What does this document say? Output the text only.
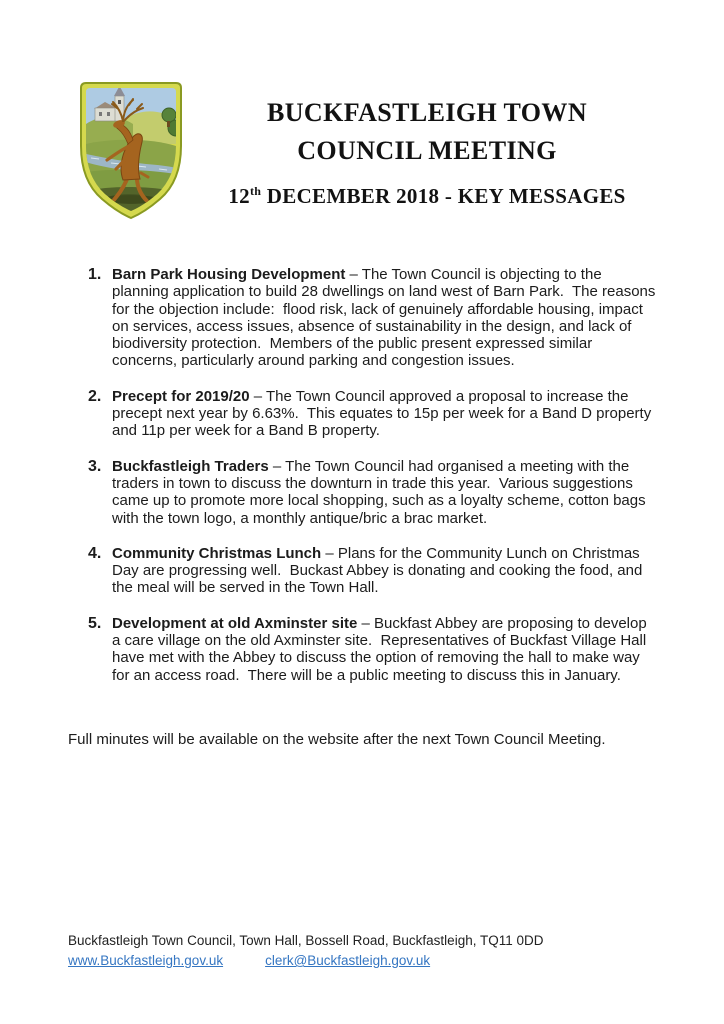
BUCKFASTLEIGH TOWN
COUNCIL MEETING
12th DECEMBER 2018 - KEY MESSAGES
1. Barn Park Housing Development – The Town Council is objecting to the planning application to build 28 dwellings on land west of Barn Park.  The reasons for the objection include:  flood risk, lack of genuinely affordable housing, impact on services, access issues, absence of sustainability in the design, and lack of biodiversity protection.  Members of the public present expressed similar concerns, particularly around parking and congestion issues.

2. Precept for 2019/20 – The Town Council approved a proposal to increase the precept next year by 6.63%.  This equates to 15p per week for a Band D property and 11p per week for a Band B property.

3. Buckfastleigh Traders – The Town Council had organised a meeting with the traders in town to discuss the downturn in trade this year.  Various suggestions came up to promote more local shopping, such as a loyalty scheme, cotton bags with the town logo, a monthly antique/bric a brac market.

4. Community Christmas Lunch – Plans for the Community Lunch on Christmas Day are progressing well.  Buckast Abbey is donating and cooking the food, and the meal will be served in the Town Hall.

5. Development at old Axminster site – Buckfast Abbey are proposing to develop a care village on the old Axminster site.  Representatives of Buckfast Village Hall have met with the Abbey to discuss the option of removing the hall to make way for an access road.  There will be a public meeting to discuss this in January.

Full minutes will be available on the website after the next Town Council Meeting.

Buckfastleigh Town Council, Town Hall, Bossell Road, Buckfastleigh, TQ11 0DD
www.Buckfastleigh.gov.uk	clerk@Buckfastleigh.gov.uk
